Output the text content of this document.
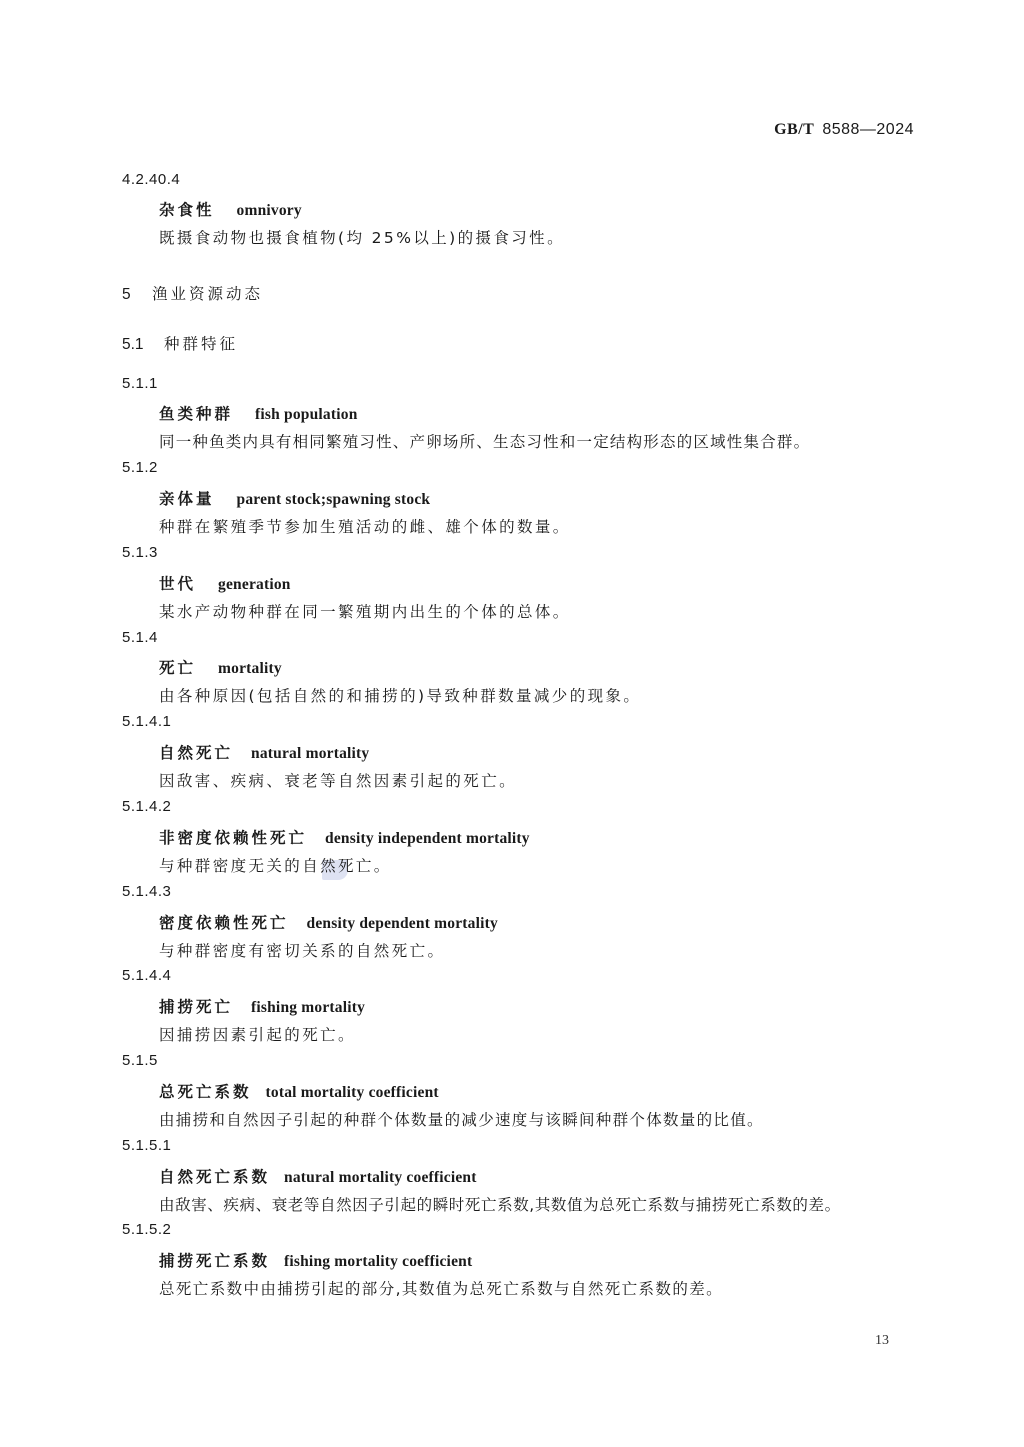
GB/T 8588—2024
4.2.40.4
杂食性 omnivory
既摄食动物也摄食植物(均 25%以上)的摄食习性。
5 渔业资源动态
5.1 种群特征
5.1.1
鱼类种群 fish population
同一种鱼类内具有相同繁殖习性、产卵场所、生态习性和一定结构形态的区域性集合群。
5.1.2
亲体量 parent stock;spawning stock
种群在繁殖季节参加生殖活动的雌、雄个体的数量。
5.1.3
世代 generation
某水产动物种群在同一繁殖期内出生的个体的总体。
5.1.4
死亡 mortality
由各种原因(包括自然的和捕捞的)导致种群数量减少的现象。
5.1.4.1
自然死亡 natural mortality
因敌害、疾病、衰老等自然因素引起的死亡。
5.1.4.2
非密度依赖性死亡 density independent mortality
与种群密度无关的自然死亡。
5.1.4.3
密度依赖性死亡 density dependent mortality
与种群密度有密切关系的自然死亡。
5.1.4.4
捕捞死亡 fishing mortality
因捕捞因素引起的死亡。
5.1.5
总死亡系数 total mortality coefficient
由捕捞和自然因子引起的种群个体数量的减少速度与该瞬间种群个体数量的比值。
5.1.5.1
自然死亡系数 natural mortality coefficient
由敌害、疾病、衰老等自然因子引起的瞬时死亡系数,其数值为总死亡系数与捕捞死亡系数的差。
5.1.5.2
捕捞死亡系数 fishing mortality coefficient
总死亡系数中由捕捞引起的部分,其数值为总死亡系数与自然死亡系数的差。
13
